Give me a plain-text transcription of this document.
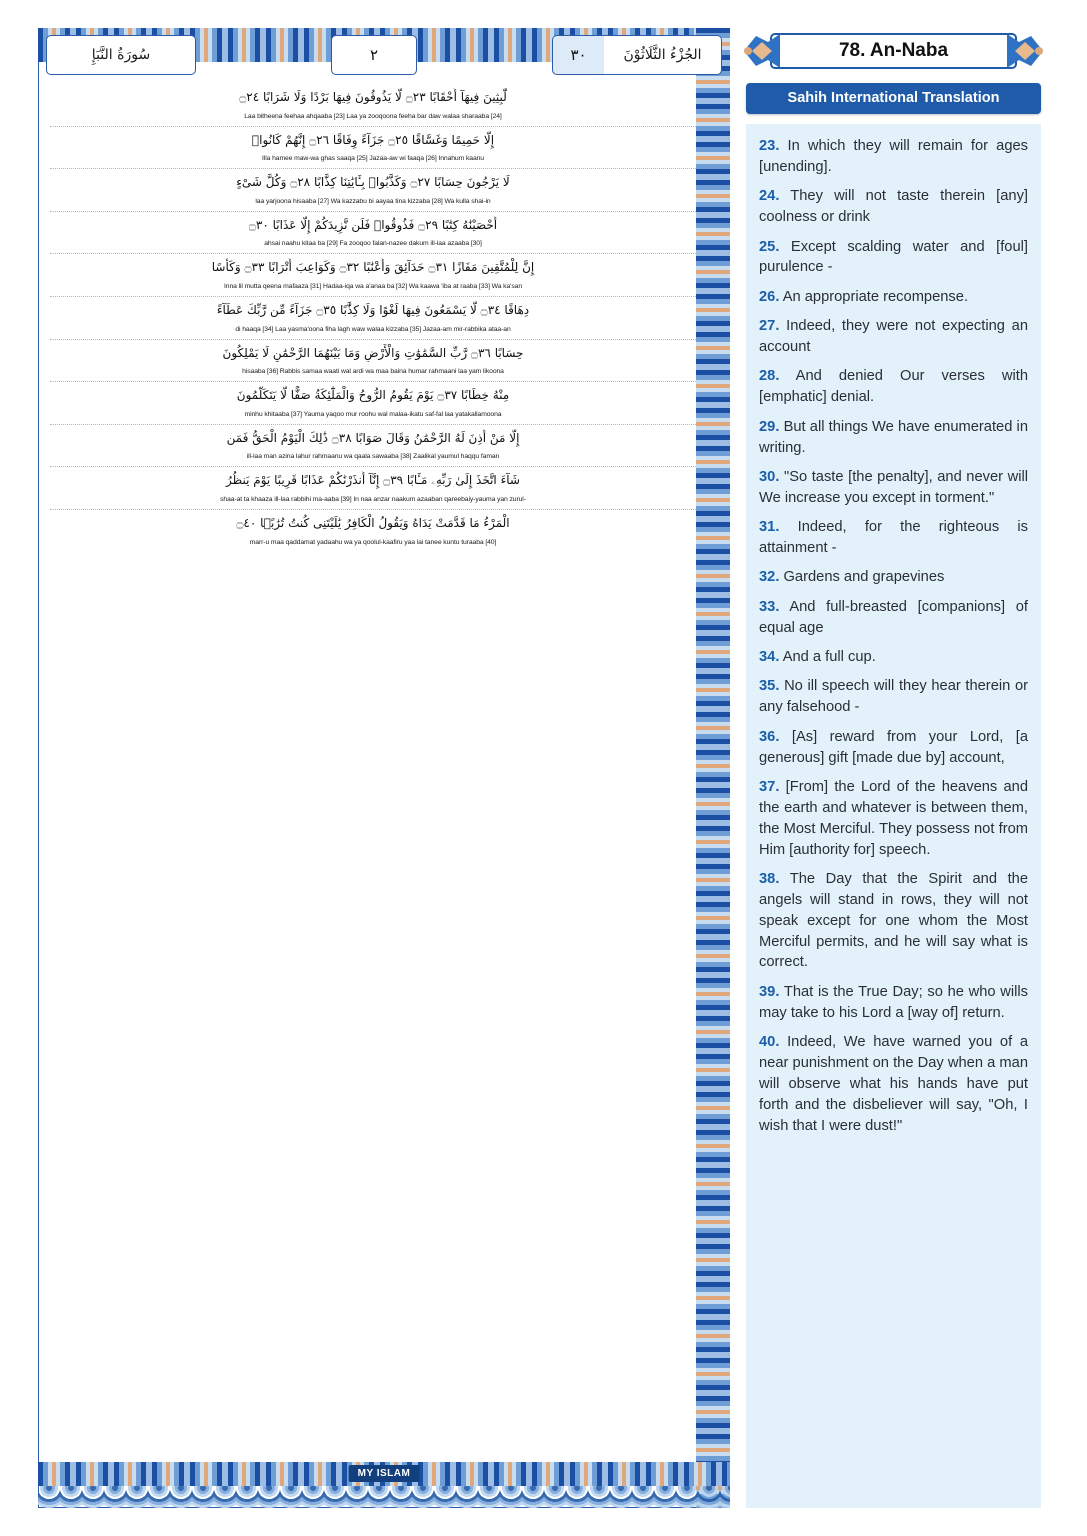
سُورَةُ النَّبَإِ	٢	٣٠	الجُزْءُ الثَّلَاثُوْنَ
لَّٰبِثِينَ فِيهَآ أَحْقَابًا ۝٢٣ لَّا يَذُوقُونَ فِيهَا بَرْدًا وَلَا شَرَابًا ۝٢٤
Laa bitheena feehaa ahqaaba [23] Laa ya zooqoona feeha bar daw walaa sharaaba [24]
إِلَّا حَمِيمًا وَغَسَّاقًا ۝٢٥ جَزَآءً وِفَاقًا ۝٢٦ إِنَّهُمْ كَانُوا۟
Illa hamee maw-wa ghas saaqa [25] Jazaa-aw wi faaqa [26] Innahum kaanu
لَا يَرْجُونَ حِسَابًا ۝٢٧ وَكَذَّبُوا۟ بِـَٔايَٰتِنَا كِذَّابًا ۝٢٨ وَكُلَّ شَىْءٍ
laa yarjoona hisaaba [27] Wa kazzabu bi aayaa tina kizzaba [28] Wa kulla shai-in
أَحْصَيْنَٰهُ كِتَٰبًا ۝٢٩ فَذُوقُوا۟ فَلَن نَّزِيدَكُمْ إِلَّا عَذَابًا ۝٣٠
ahsai naahu kitaa ba [29] Fa zooqoo falan-nazee dakum ill-laa azaaba [30]
إِنَّ لِلْمُتَّقِينَ مَفَازًا ۝٣١ حَدَآئِقَ وَأَعْنَٰبًا ۝٣٢ وَكَوَاعِبَ أَتْرَابًا ۝٣٣ وَكَأْسًا
Inna lil mutta qeena mafaaza [31] Hadaa-iqa wa a'anaa ba [32] Wa kaawa 'iba at raaba [33] Wa ka'san
دِهَاقًا ۝٣٤ لَّا يَسْمَعُونَ فِيهَا لَغْوًا وَلَا كِذَّٰبًا ۝٣٥ جَزَآءً مِّن رَّبِّكَ عَطَآءً
di haaqa [34] Laa yasma'oona fiha lagh waw walaa kizzaba [35] Jazaa-am mir-rabbika ataa-an
حِسَابًا ۝٣٦ رَّبِّ السَّمَٰوَٰتِ وَالْأَرْضِ وَمَا بَيْنَهُمَا الرَّحْمَٰنِ لَا يَمْلِكُونَ
hisaaba [36] Rabbis samaa waati wal ardi wa maa baina humar rahmaani laa yam likoona
مِنْهُ خِطَابًا ۝٣٧ يَوْمَ يَقُومُ الرُّوحُ وَالْمَلَٰٓئِكَةُ صَفًّا لَّا يَتَكَلَّمُونَ
minhu khitaaba [37] Yauma yaqoo mur roohu wal malaa-ikatu saf-fal laa yatakallamoona
إِلَّا مَنْ أَذِنَ لَهُ الرَّحْمَٰنُ وَقَالَ صَوَابًا ۝٣٨ ذَٰلِكَ الْيَوْمُ الْحَقُّ فَمَن
ill-laa man azina lahur rahmaanu wa qaala sawaaba [38] Zaalikal yaumul haqqu faman
شَآءَ اتَّخَذَ إِلَىٰ رَبِّهِۦ مَـَٔابًا ۝٣٩ إِنَّآ أَنذَرْنَٰكُمْ عَذَابًا قَرِيبًا يَوْمَ يَنظُرُ
shaa-at ta khaaza ill-laa rabbihi ma-aaba [39] In naa anzar naakum azaaban qareebaiy-yauma yan zurul-
الْمَرْءُ مَا قَدَّمَتْ يَدَاهُ وَيَقُولُ الْكَافِرُ يَٰلَيْتَنِى كُنتُ تُرَٰبًۢا ۝٤٠
marr-u maa qaddamat yadaahu wa ya qoolul-kaafiru yaa lai tanee kuntu turaaba [40]
MY ISLAM
78. An-Naba
Sahih International Translation
23. In which they will remain for ages [unending].
24. They will not taste therein [any] coolness or drink
25. Except scalding water and [foul] purulence -
26. An appropriate recompense.
27. Indeed, they were not expecting an account
28. And denied Our verses with [emphatic] denial.
29. But all things We have enumerated in writing.
30. "So taste [the penalty], and never will We increase you except in torment."
31. Indeed, for the righteous is attainment -
32. Gardens and grapevines
33. And full-breasted [companions] of equal age
34. And a full cup.
35. No ill speech will they hear therein or any falsehood -
36. [As] reward from your Lord, [a generous] gift [made due by] account,
37. [From] the Lord of the heavens and the earth and whatever is between them, the Most Merciful. They possess not from Him [authority for] speech.
38. The Day that the Spirit and the angels will stand in rows, they will not speak except for one whom the Most Merciful permits, and he will say what is correct.
39. That is the True Day; so he who wills may take to his Lord a [way of] return.
40. Indeed, We have warned you of a near punishment on the Day when a man will observe what his hands have put forth and the disbeliever will say, "Oh, I wish that I were dust!"
